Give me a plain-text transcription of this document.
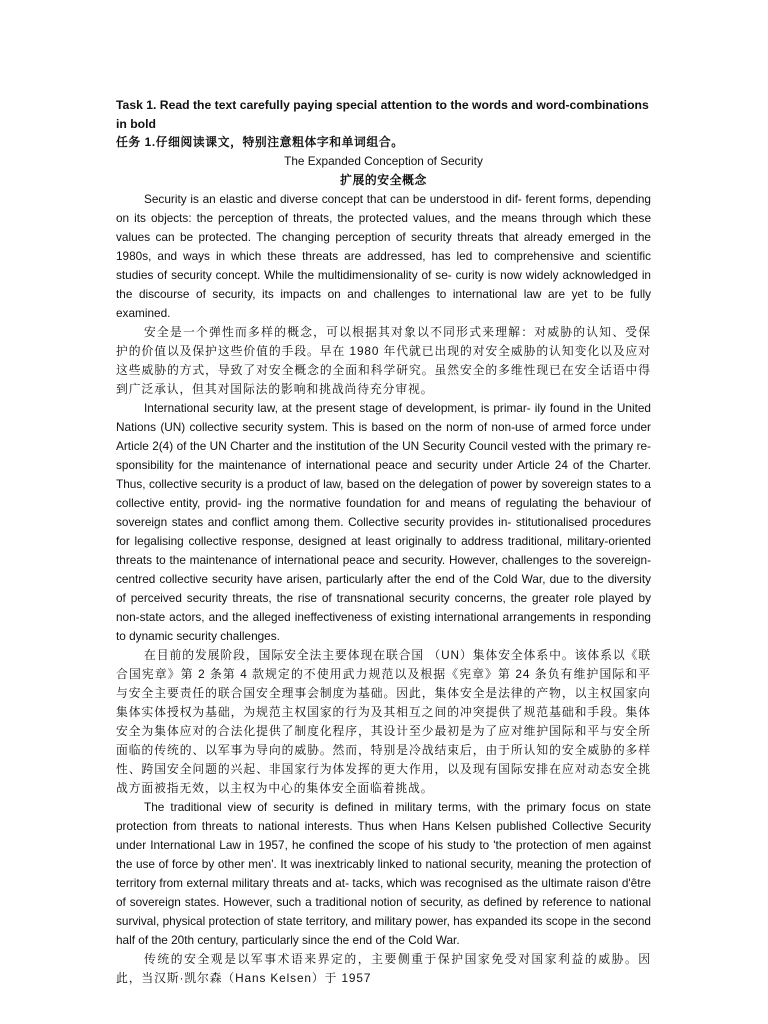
Task 1. Read the text carefully paying special attention to the words and word-combinations in bold

任务 1.仔细阅读课文，特别注意粗体字和单词组合。

The Expanded Conception of Security

扩展的安全概念

Security is an elastic and diverse concept that can be understood in dif- ferent forms, depending on its objects: the perception of threats, the protected values, and the means through which these values can be protected. The changing perception of security threats that already emerged in the 1980s, and ways in which these threats are addressed, has led to comprehensive and scientific studies of security concept. While the multidimensionality of se- curity is now widely acknowledged in the discourse of security, its impacts on and challenges to international law are yet to be fully examined.

安全是一个弹性而多样的概念，可以根据其对象以不同形式来理解：对威胁的认知、受保护的价值以及保护这些价值的手段。早在 1980 年代就已出现的对安全威胁的认知变化以及应对这些威胁的方式，导致了对安全概念的全面和科学研究。虽然安全的多维性现已在安全话语中得到广泛承认，但其对国际法的影响和挑战尚待充分审视。

International security law, at the present stage of development, is primar- ily found in the United Nations (UN) collective security system. This is based on the norm of non-use of armed force under Article 2(4) of the UN Charter and the institution of the UN Security Council vested with the primary re- sponsibility for the maintenance of international peace and security under Article 24 of the Charter. Thus, collective security is a product of law, based on the delegation of power by sovereign states to a collective entity, provid- ing the normative foundation for and means of regulating the behaviour of sovereign states and conflict among them. Collective security provides in- stitutionalised procedures for legalising collective response, designed at least originally to address traditional, military-oriented threats to the maintenance of international peace and security. However, challenges to the sovereign- centred collective security have arisen, particularly after the end of the Cold War, due to the diversity of perceived security threats, the rise of transnational security concerns, the greater role played by non-state actors, and the alleged ineffectiveness of existing international arrangements in responding to dynamic security challenges.

在目前的发展阶段，国际安全法主要体现在联合国 （UN）集体安全体系中。该体系以《联合国宪章》第 2 条第 4 款规定的不使用武力规范以及根据《宪章》第 24 条负有维护国际和平与安全主要责任的联合国安全理事会制度为基础。因此，集体安全是法律的产物，以主权国家向集体实体授权为基础，为规范主权国家的行为及其相互之间的冲突提供了规范基础和手段。集体安全为集体应对的合法化提供了制度化程序，其设计至少最初是为了应对维护国际和平与安全所面临的传统的、以军事为导向的威胁。然而，特别是冷战结束后，由于所认知的安全威胁的多样性、跨国安全问题的兴起、非国家行为体发挥的更大作用，以及现有国际安排在应对动态安全挑战方面被指无效，以主权为中心的集体安全面临着挑战。

The traditional view of security is defined in military terms, with the primary focus on state protection from threats to national interests. Thus when Hans Kelsen published Collective Security under International Law in 1957, he confined the scope of his study to 'the protection of men against the use of force by other men'. It was inextricably linked to national security, meaning the protection of territory from external military threats and at- tacks, which was recognised as the ultimate raison d'être of sovereign states. However, such a traditional notion of security, as defined by reference to national survival, physical protection of state territory, and military power, has expanded its scope in the second half of the 20th century, particularly since the end of the Cold War.

传统的安全观是以军事术语来界定的，主要侧重于保护国家免受对国家利益的威胁。因此，当汉斯·凯尔森（Hans Kelsen）于 1957
